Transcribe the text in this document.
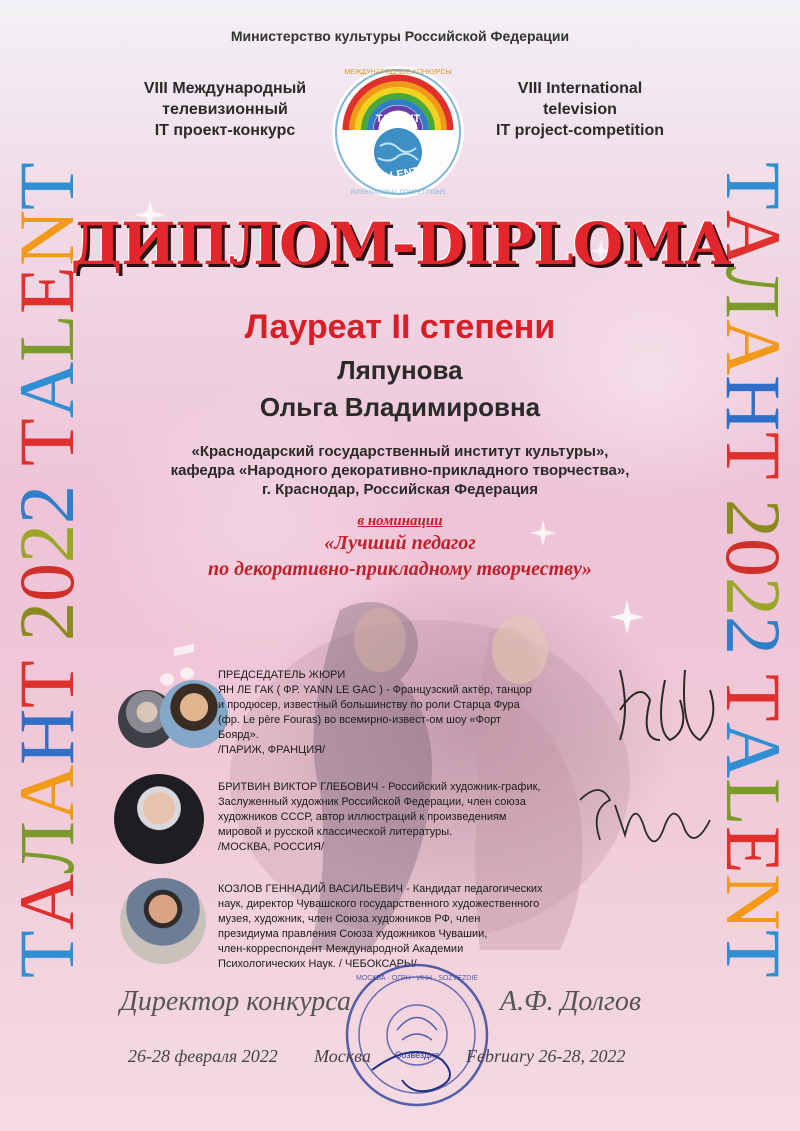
ТАЛАНТ 2022 TALENT	ТАЛАНТ 2022 TALENT
Министерство культуры Российской Федерации
VIII Международный
телевизионный
IT проект-конкурс
VIII International
television
IT project-competition
ТАЛАНТ
TALENT
МЕЖДУНАРОДНЫЕ КОНКУРСЫ
INTERNATIONAL COMPETITIONS
ДИПЛОМ-DIPLOMA
Лауреат II степени
Ляпунова
Ольга Владимировна
«Краснодарский государственный институт культуры»,
кафедра «Народного декоративно-прикладного творчества»,
г. Краснодар, Российская Федерация
в номинации
«Лучший педагог
по декоративно-прикладному творчеству»

ПРЕДСЕДАТЕЛЬ ЖЮРИ

ЯН ЛЕ ГАК ( ФР. YANN LE GAC ) - Французский актёр, танцор

и продюсер, известный большинству по роли Старца Фура

(фр. Le père Fouras) во всемирно-извест-ом шоу «Форт

Боярд».

/ПАРИЖ, ФРАНЦИЯ/

БРИТВИН ВИКТОР ГЛЕБОВИЧ - Российский художник-график,

Заслуженный художник Российской Федерации, член союза

художников СССР, автор иллюстраций к произведениям

мировой и русской классической литературы.

/МОСКВА, РОССИЯ/

КОЗЛОВ ГЕННАДИЙ ВАСИЛЬЕВИЧ - Кандидат педагогических

наук, директор Чувашского государственного художественного

музея, художник, член Союза художников РФ, член

президиума правления Союза художников Чувашии,

член-корреспондент Международной Академии

Психологических Наук. / ЧЕБОКСАРЫ/

Директор конкурса	А.Ф. Долгов
Созвездие
МОСКВА · ОГРН · ИНН · SOZVEZDIE
26-28 февраля 2022 Москва	February 26-28, 2022
